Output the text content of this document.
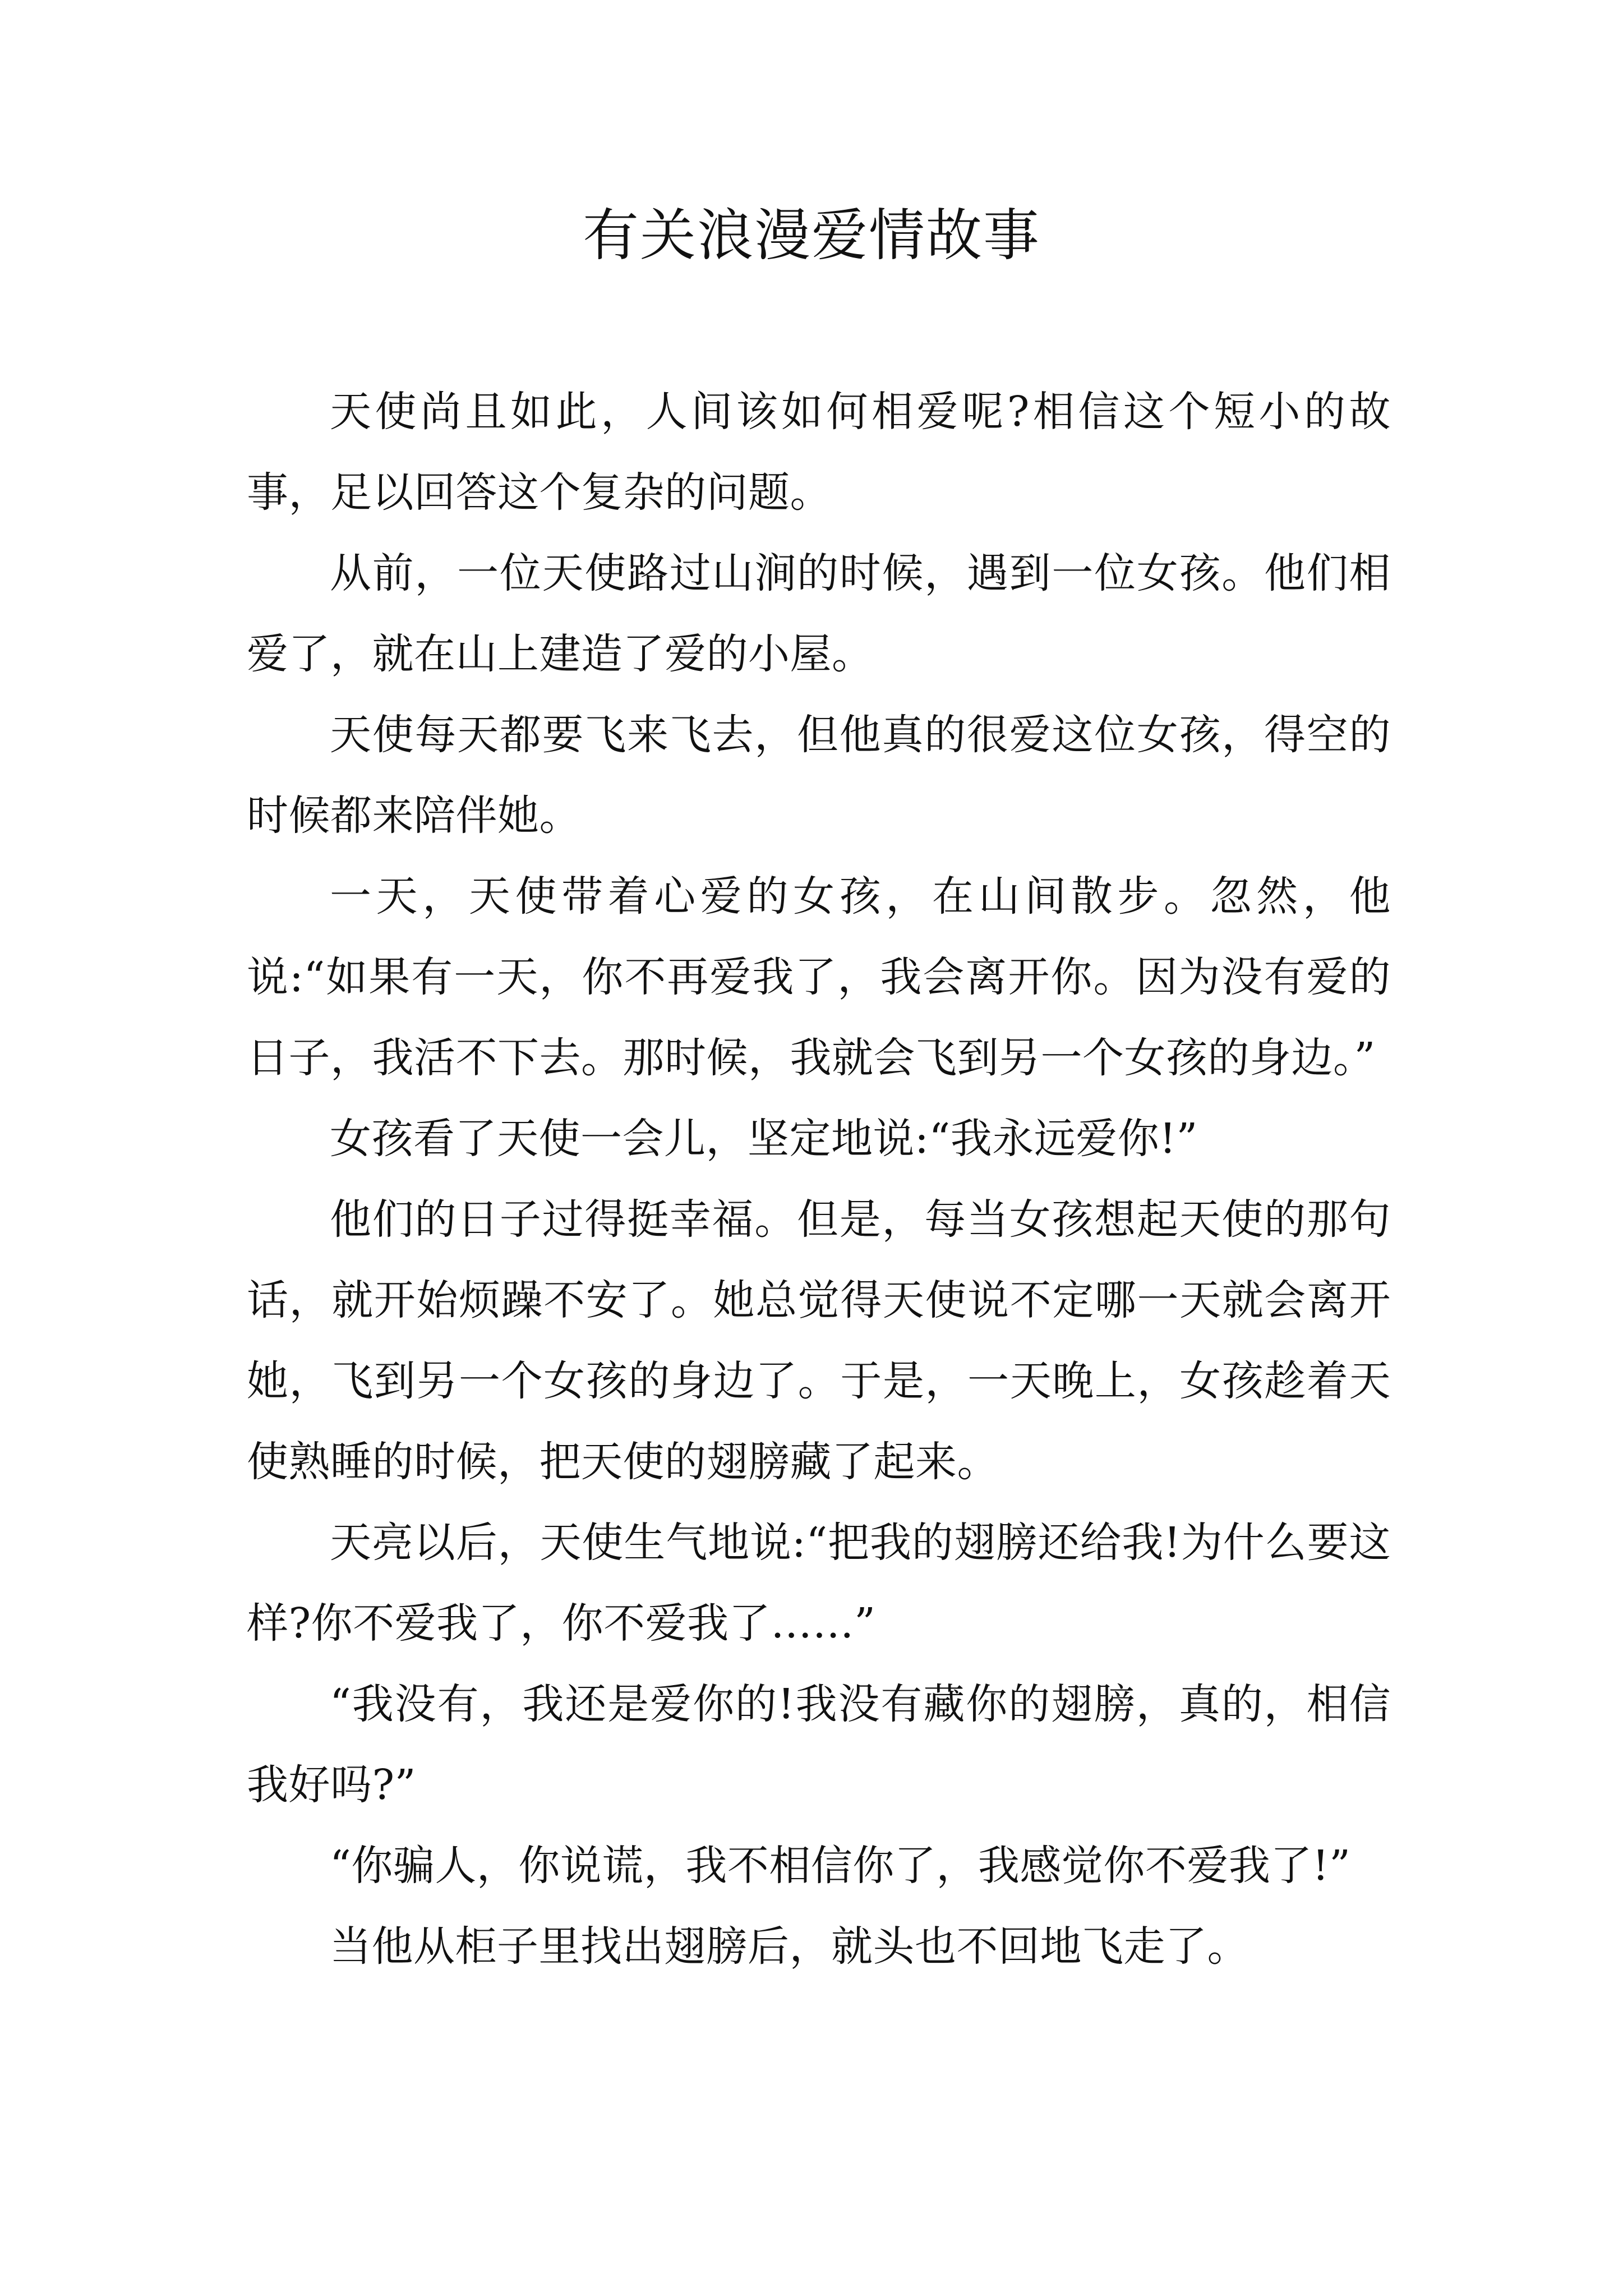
有关浪漫爱情故事

天使尚且如此，人间该如何相爱呢?相信这个短小的故事，足以回答这个复杂的问题。

从前，一位天使路过山涧的时候，遇到一位女孩。他们相爱了，就在山上建造了爱的小屋。

天使每天都要飞来飞去，但他真的很爱这位女孩，得空的时候都来陪伴她。

一天，天使带着心爱的女孩，在山间散步。忽然，他说:“如果有一天，你不再爱我了，我会离开你。因为没有爱的日子，我活不下去。那时候，我就会飞到另一个女孩的身边。”

女孩看了天使一会儿，坚定地说:“我永远爱你!”

他们的日子过得挺幸福。但是，每当女孩想起天使的那句话，就开始烦躁不安了。她总觉得天使说不定哪一天就会离开她，飞到另一个女孩的身边了。于是，一天晚上，女孩趁着天使熟睡的时候，把天使的翅膀藏了起来。

天亮以后，天使生气地说:“把我的翅膀还给我!为什么要这样?你不爱我了，你不爱我了……”

“我没有，我还是爱你的!我没有藏你的翅膀，真的，相信我好吗?”

“你骗人，你说谎，我不相信你了，我感觉你不爱我了!”

当他从柜子里找出翅膀后，就头也不回地飞走了。
